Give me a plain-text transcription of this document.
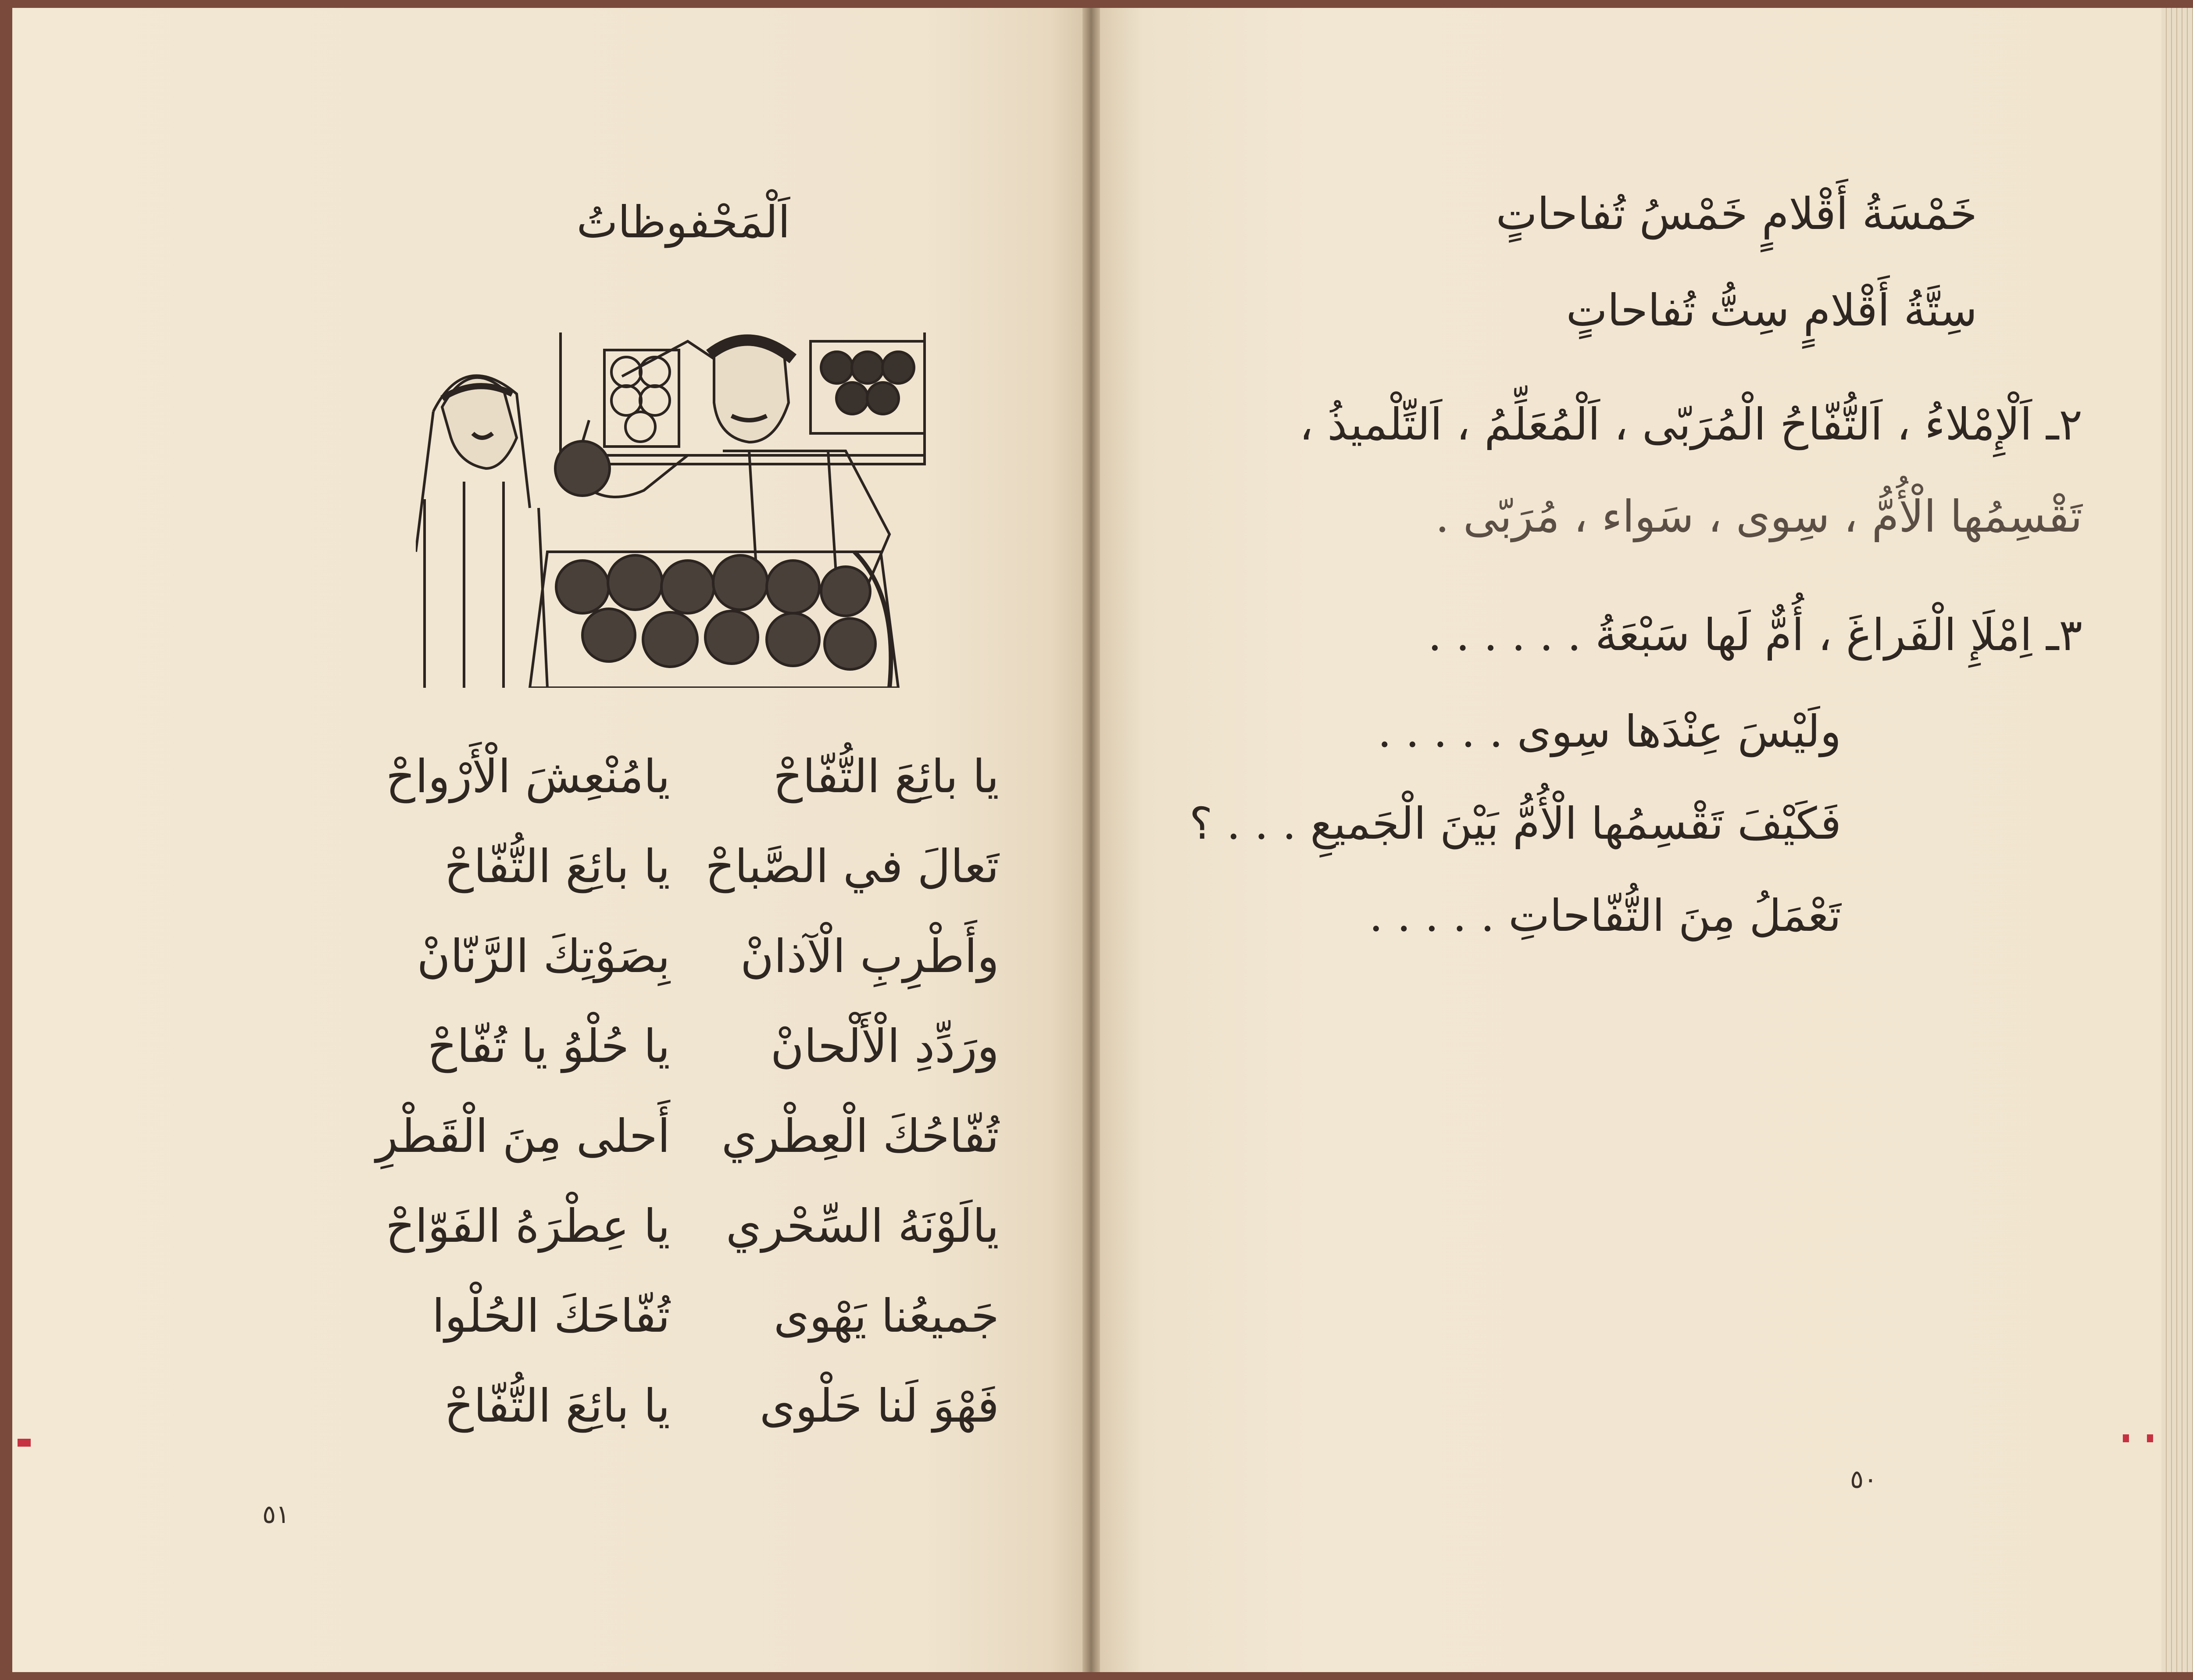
اَلْمَحْفوظاتُ
يا بائِعَ التُّفّاحْ
يامُنْعِشَ الْأَرْواحْ
تَعالَ في الصَّباحْ
يا بائِعَ التُّفّاحْ
وأَطْرِبِ الْآذانْ
بِصَوْتِكَ الرَّنّانْ
ورَدِّدِ الْأَلْحانْ
يا حُلْوُ يا تُفّاحْ
تُفّاحُكَ الْعِطْري
أَحلى مِنَ الْقَطْرِ
يالَوْنَهُ السِّحْري
يا عِطْرَهُ الفَوّاحْ
جَميعُنا يَهْوى
تُفّاحَكَ الحُلْوا
فَهْوَ لَنا حَلْوى
يا بائِعَ التُّفّاحْ
٥١
خَمْسَةُ أَقْلامٍ خَمْسُ تُفاحاتٍ
سِتَّةُ أَقْلامٍ سِتُّ تُفاحاتٍ
٢ـ اَلْإِمْلاءُ ، اَلتُّفّاحُ الْمُرَبّى ، اَلْمُعَلِّمُ ، اَلتِّلْميذُ ،
تَقْسِمُها الْأُمُّ ، سِوى ، سَواء ، مُرَبّى .
٣ـ اِمْلَإِ الْفَراغَ ، أُمٌّ لَها سَبْعَةُ . . . . . .
ولَيْسَ عِنْدَها سِوى . . . . .
فَكَيْفَ تَقْسِمُها الْأُمُّ بَيْنَ الْجَميعِ . . . ؟
تَعْمَلُ مِنَ التُّفّاحاتِ . . . . .
٥٠
